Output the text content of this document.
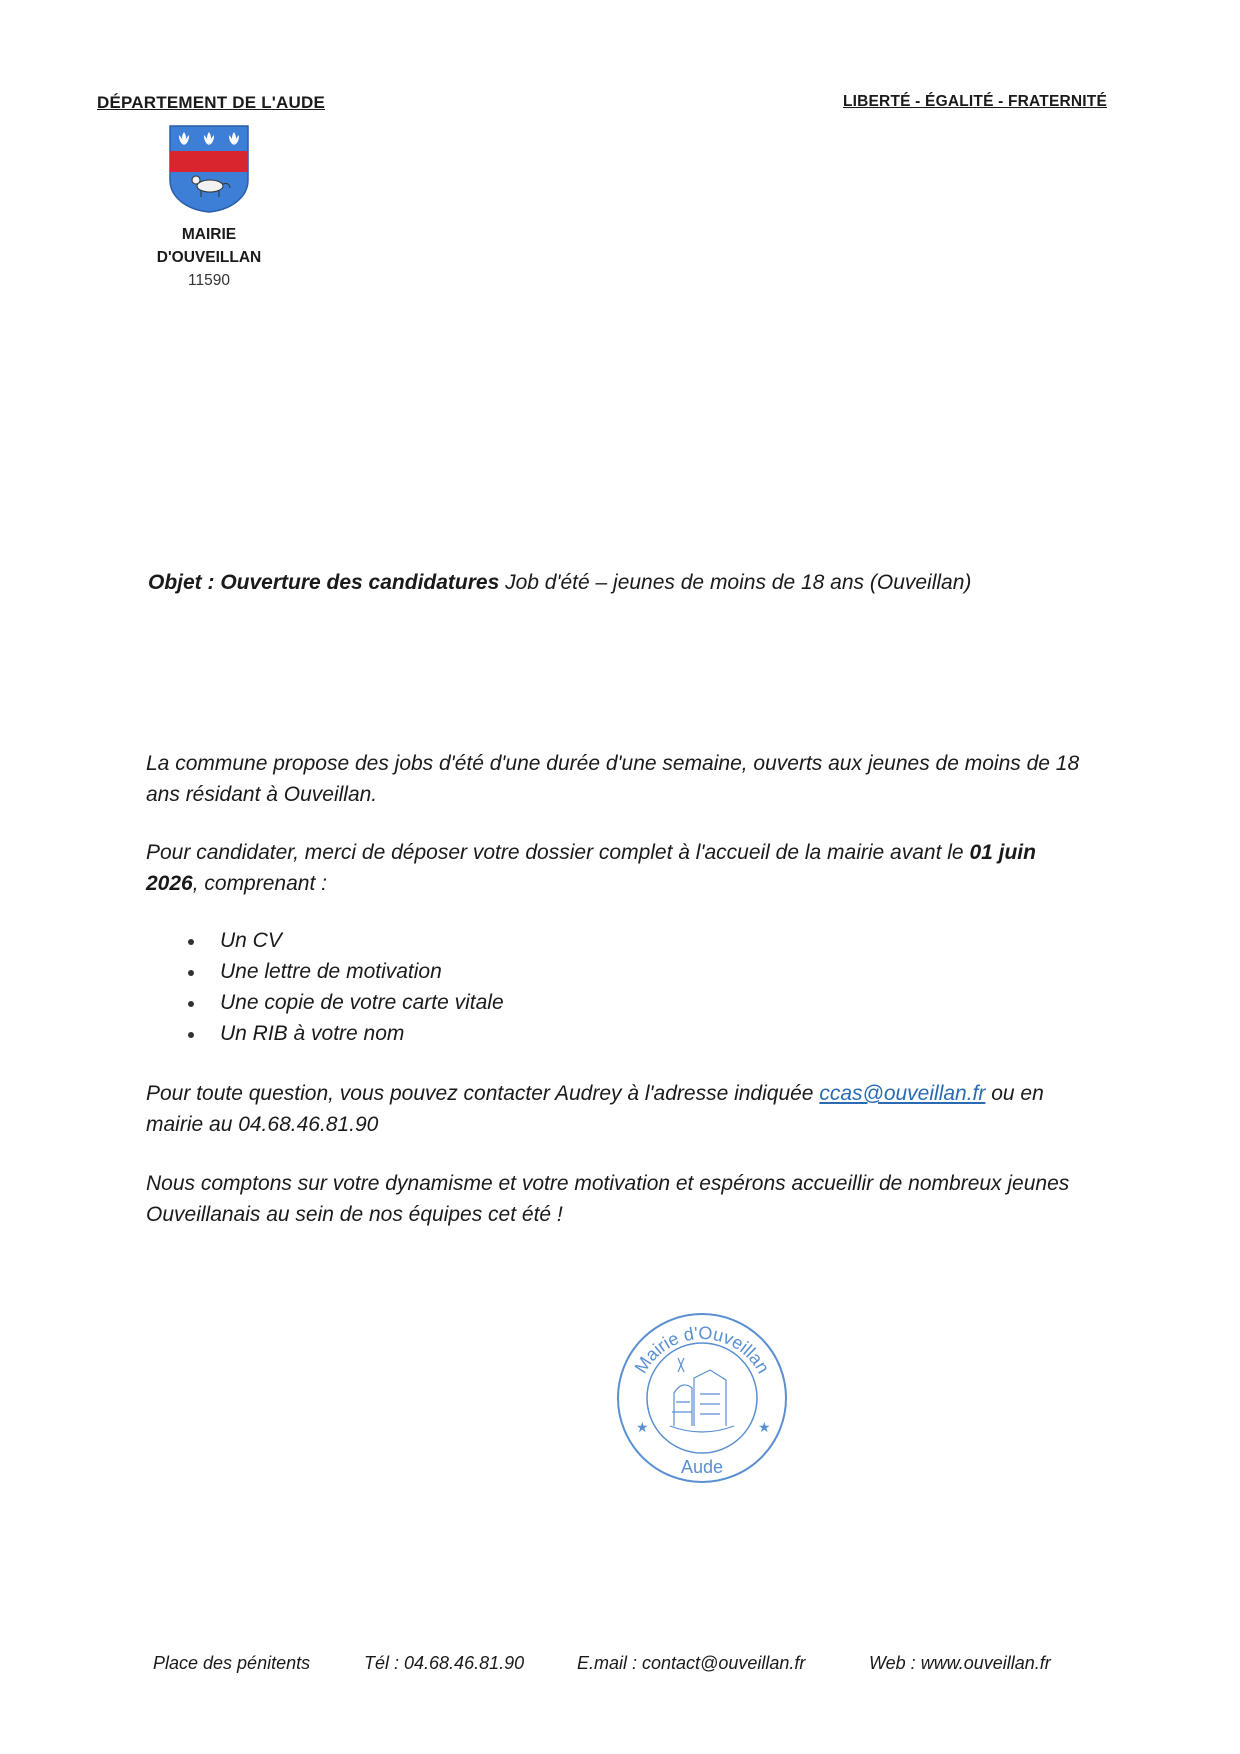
DÉPARTEMENT DE L'AUDE	LIBERTÉ - ÉGALITÉ - FRATERNITÉ
MAIRIE
D'OUVEILLAN
11590
Objet : Ouverture des candidatures Job d'été – jeunes de moins de 18 ans (Ouveillan)

La commune propose des jobs d'été d'une durée d'une semaine, ouverts aux jeunes de moins de 18 ans résidant à Ouveillan.

Pour candidater, merci de déposer votre dossier complet à l'accueil de la mairie avant le 01 juin 2026, comprenant :

Un CV
Une lettre de motivation
Une copie de votre carte vitale
Un RIB à votre nom

Pour toute question, vous pouvez contacter Audrey à l'adresse indiquée ccas@ouveillan.fr ou en mairie au 04.68.46.81.90

Nous comptons sur votre dynamisme et votre motivation et espérons accueillir de nombreux jeunes Ouveillanais au sein de nos équipes cet été !

Mairie d'Ouveillan
Aude
★	★
Place des pénitents	Tél : 04.68.46.81.90	E.mail : contact@ouveillan.fr	Web : www.ouveillan.fr
